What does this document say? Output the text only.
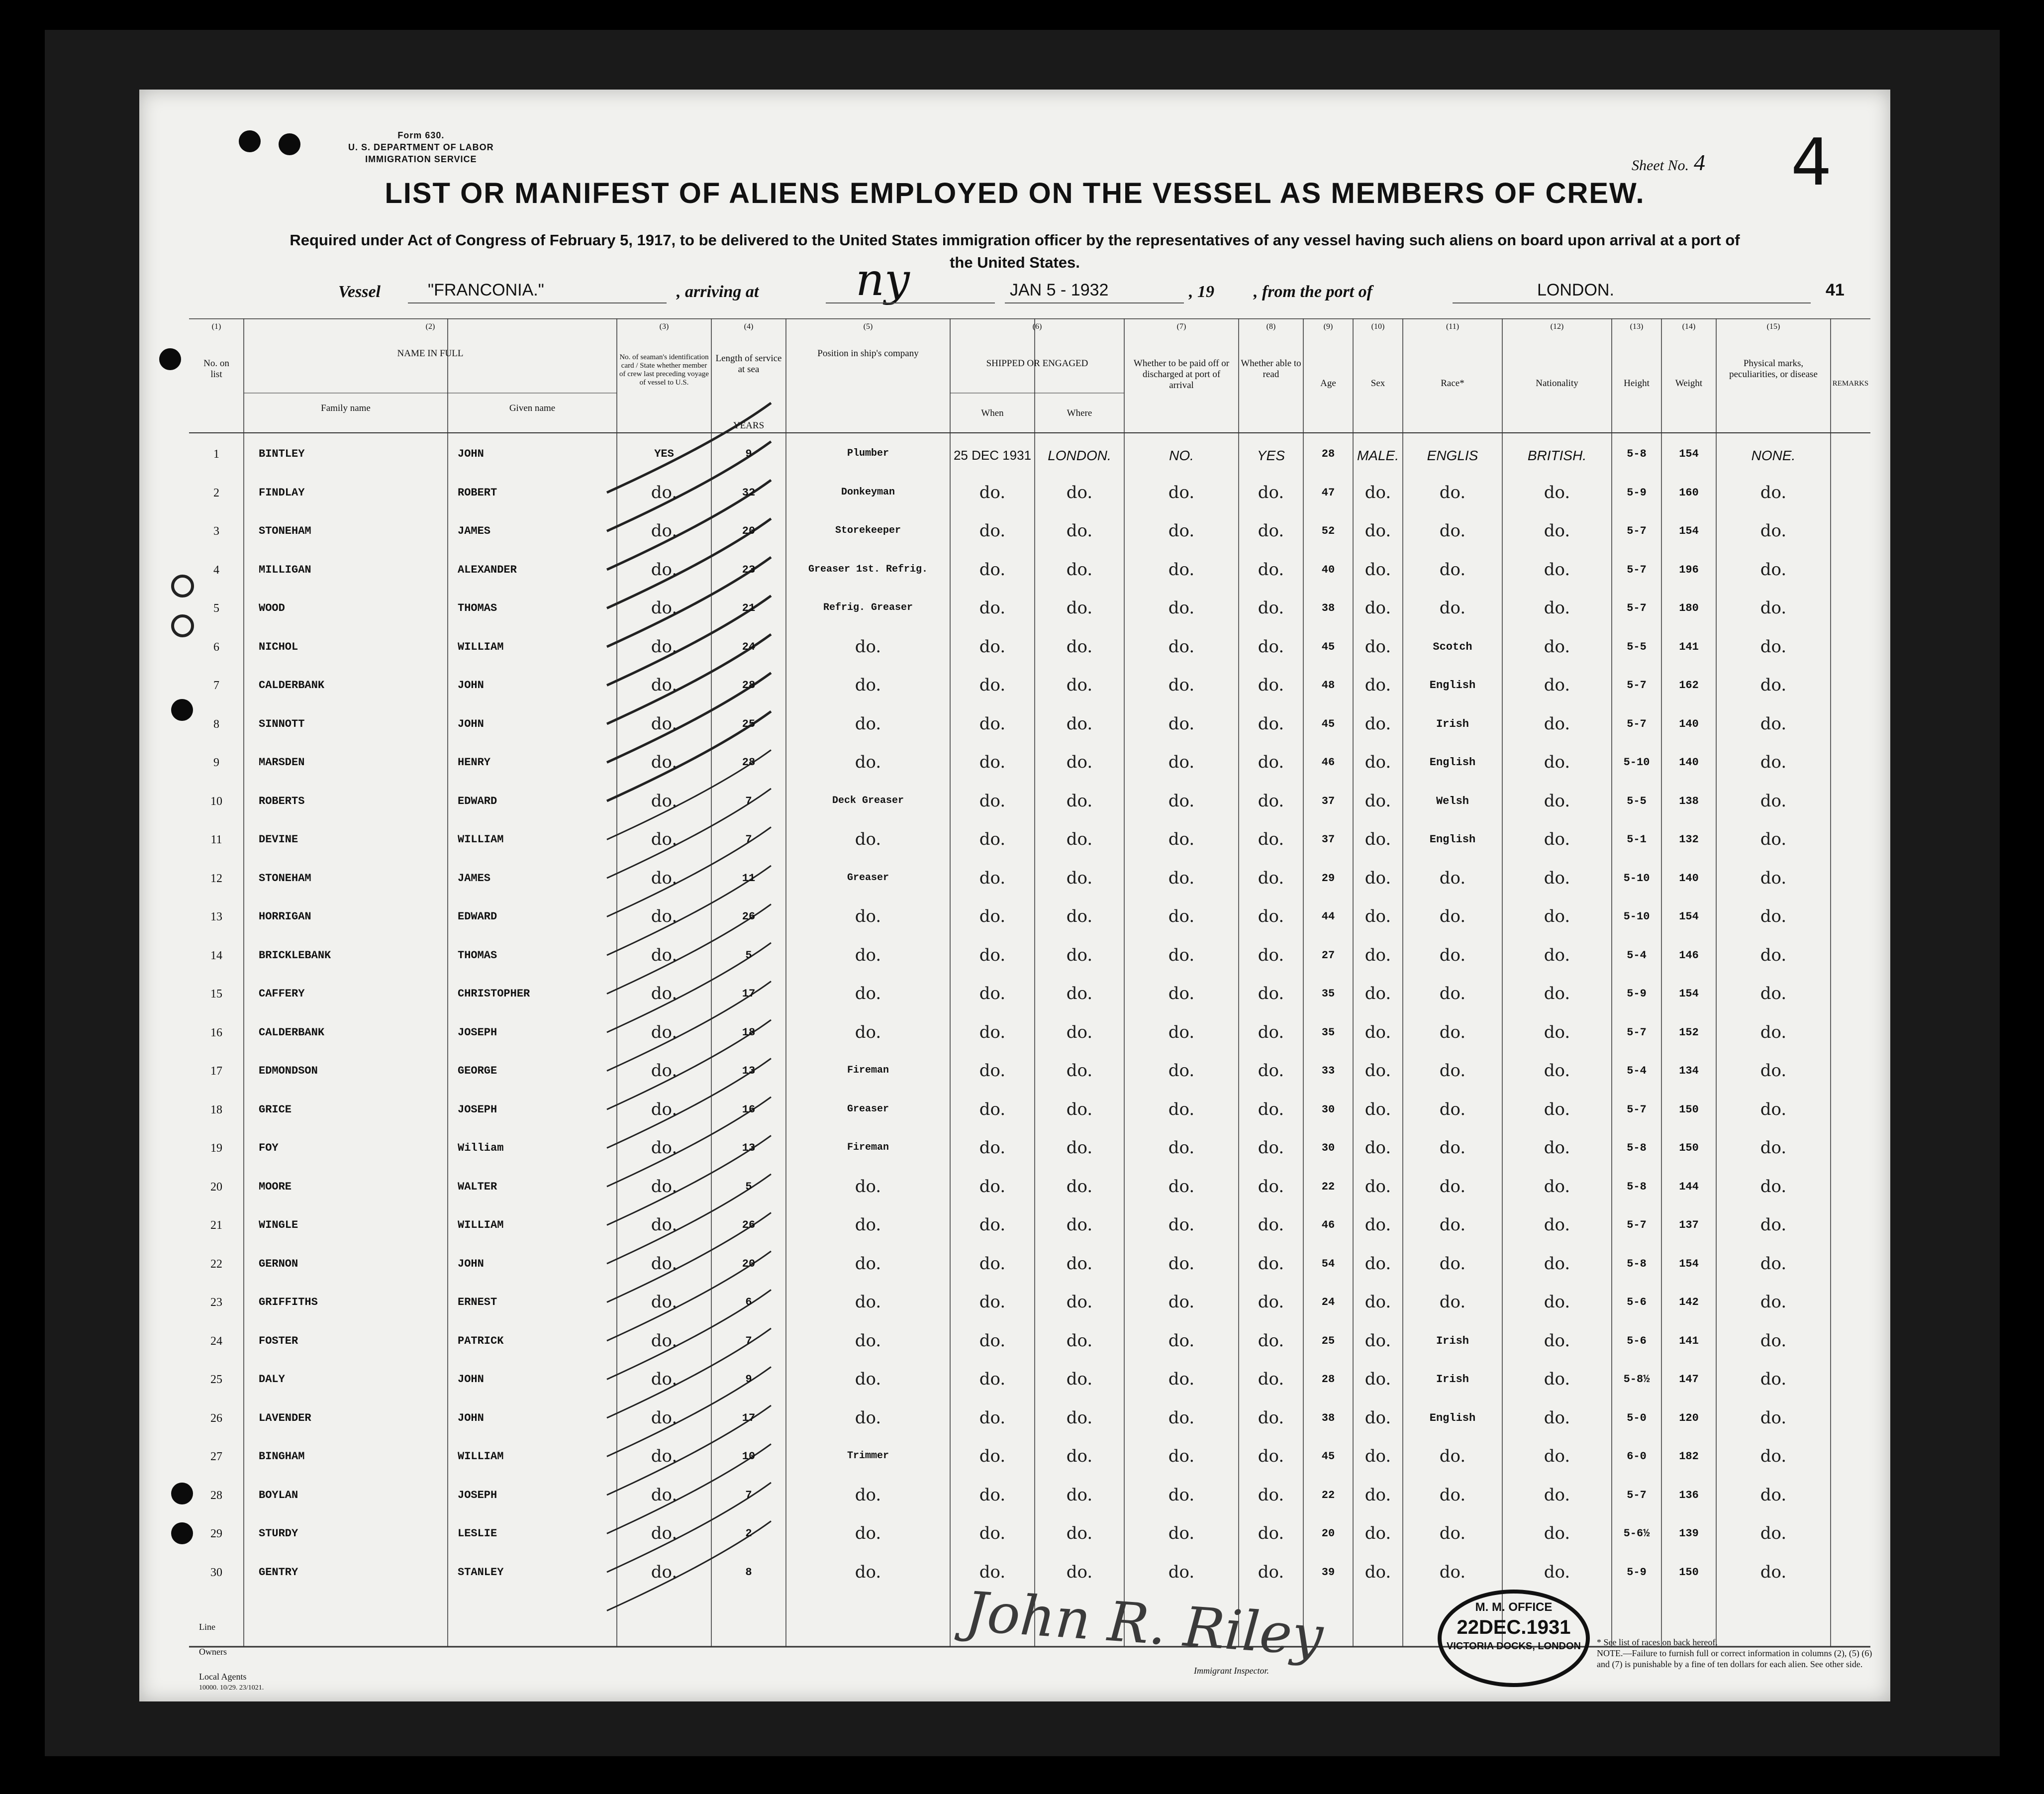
Form 630.
U. S. DEPARTMENT OF LABOR
IMMIGRATION SERVICE	Sheet No. 4 4
LIST OR MANIFEST OF ALIENS EMPLOYED ON THE VESSEL AS MEMBERS OF CREW.
Required under Act of Congress of February 5, 1917, to be delivered to the United States immigration officer by the representatives of any vessel having such aliens on board upon arrival at a port of the United States.
Vessel	"FRANCONIA."	, arriving at ny	JAN 5 - 1932	, 19 , from the port of	LONDON.	41
(1)	(2)	(3)	(4)	(5)	(6)	(7)	(8)	(9)	(10)	(11)	(12)	(13)	(14)	(15)
No. on list
NAME IN FULL
Family name	Given name
No. of seaman's identification card / State whether member of crew last preceding voyage of vessel to U.S.
Length of service at sea
YEARS
Position in ship's company
SHIPPED OR ENGAGED
When	Where
Whether to be paid off or discharged at port of arrival
Whether able to read
Age	Sex	Race*	Nationality	Height	Weight
Physical marks, peculiarities, or disease
REMARKS
1	BINTLEY	JOHN	YES	9	Plumber	25 DEC 1931	LONDON.	NO.	YES	28	MALE.	ENGLIS	BRITISH.	5-8	154	NONE.
2	FINDLAY	ROBERT	do.	32	Donkeyman	do.	do.	do.	do.	47	do.	do.	do.	5-9	160	do.
3	STONEHAM	JAMES	do.	20	Storekeeper	do.	do.	do.	do.	52	do.	do.	do.	5-7	154	do.
4	MILLIGAN	ALEXANDER	do.	23	Greaser 1st. Refrig.	do.	do.	do.	do.	40	do.	do.	do.	5-7	196	do.
5	WOOD	THOMAS	do.	21	Refrig. Greaser	do.	do.	do.	do.	38	do.	do.	do.	5-7	180	do.
6	NICHOL	WILLIAM	do.	24	do.	do.	do.	do.	do.	45	do.	Scotch	do.	5-5	141	do.
7	CALDERBANK	JOHN	do.	28	do.	do.	do.	do.	do.	48	do.	English	do.	5-7	162	do.
8	SINNOTT	JOHN	do.	25	do.	do.	do.	do.	do.	45	do.	Irish	do.	5-7	140	do.
9	MARSDEN	HENRY	do.	28	do.	do.	do.	do.	do.	46	do.	English	do.	5-10	140	do.
10	ROBERTS	EDWARD	do.	7	Deck Greaser	do.	do.	do.	do.	37	do.	Welsh	do.	5-5	138	do.
11	DEVINE	WILLIAM	do.	7	do.	do.	do.	do.	do.	37	do.	English	do.	5-1	132	do.
12	STONEHAM	JAMES	do.	11	Greaser	do.	do.	do.	do.	29	do.	do.	do.	5-10	140	do.
13	HORRIGAN	EDWARD	do.	26	do.	do.	do.	do.	do.	44	do.	do.	do.	5-10	154	do.
14	BRICKLEBANK	THOMAS	do.	5	do.	do.	do.	do.	do.	27	do.	do.	do.	5-4	146	do.
15	CAFFERY	CHRISTOPHER	do.	17	do.	do.	do.	do.	do.	35	do.	do.	do.	5-9	154	do.
16	CALDERBANK	JOSEPH	do.	18	do.	do.	do.	do.	do.	35	do.	do.	do.	5-7	152	do.
17	EDMONDSON	GEORGE	do.	13	Fireman	do.	do.	do.	do.	33	do.	do.	do.	5-4	134	do.
18	GRICE	JOSEPH	do.	16	Greaser	do.	do.	do.	do.	30	do.	do.	do.	5-7	150	do.
19	FOY	William	do.	13	Fireman	do.	do.	do.	do.	30	do.	do.	do.	5-8	150	do.
20	MOORE	WALTER	do.	5	do.	do.	do.	do.	do.	22	do.	do.	do.	5-8	144	do.
21	WINGLE	WILLIAM	do.	26	do.	do.	do.	do.	do.	46	do.	do.	do.	5-7	137	do.
22	GERNON	JOHN	do.	20	do.	do.	do.	do.	do.	54	do.	do.	do.	5-8	154	do.
23	GRIFFITHS	ERNEST	do.	6	do.	do.	do.	do.	do.	24	do.	do.	do.	5-6	142	do.
24	FOSTER	PATRICK	do.	7	do.	do.	do.	do.	do.	25	do.	Irish	do.	5-6	141	do.
25	DALY	JOHN	do.	9	do.	do.	do.	do.	do.	28	do.	Irish	do.	5-8½	147	do.
26	LAVENDER	JOHN	do.	17	do.	do.	do.	do.	do.	38	do.	English	do.	5-0	120	do.
27	BINGHAM	WILLIAM	do.	10	Trimmer	do.	do.	do.	do.	45	do.	do.	do.	6-0	182	do.
28	BOYLAN	JOSEPH	do.	7	do.	do.	do.	do.	do.	22	do.	do.	do.	5-7	136	do.
29	STURDY	LESLIE	do.	2	do.	do.	do.	do.	do.	20	do.	do.	do.	5-6½	139	do.
30	GENTRY	STANLEY	do.	8	do.	do.	do.	do.	do.	39	do.	do.	do.	5-9	150	do.
Line
Owners
Local Agents
10000. 10/29. 23/1021.
Immigrant Inspector.
John R. Riley	* See list of races on back hereof.
NOTE.—Failure to furnish full or correct information in columns (2), (5) (6) and (7) is punishable by a fine of ten dollars for each alien. See other side.
M. M. OFFICE
22DEC.1931
VICTORIA DOCKS, LONDON
